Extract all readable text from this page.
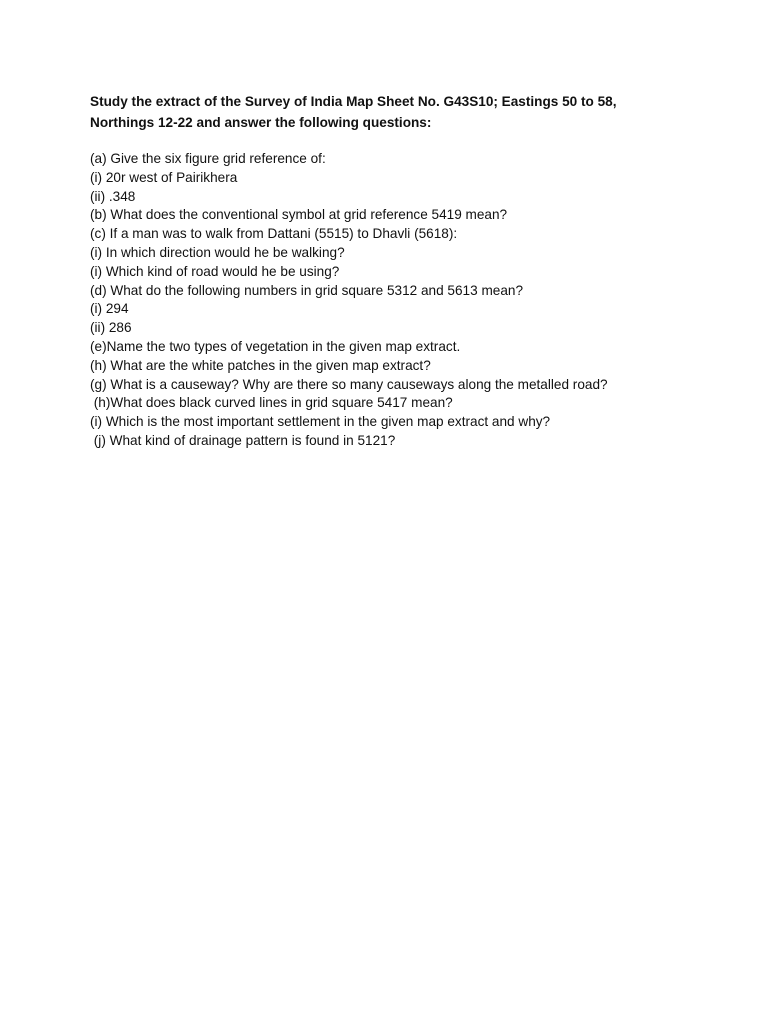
Study the extract of the Survey of India Map Sheet No. G43S10; Eastings 50 to 58,
Northings 12-22 and answer the following questions:
(a) Give the six figure grid reference of:
(i) 20r west of Pairikhera
(ii) .348
(b) What does the conventional symbol at grid reference 5419 mean?
(c) If a man was to walk from Dattani (5515) to Dhavli (5618):
(i) In which direction would he be walking?
(i) Which kind of road would he be using?
(d) What do the following numbers in grid square 5312 and 5613 mean?
(i) 294
(ii) 286
(e)Name the two types of vegetation in the given map extract.
(h) What are the white patches in the given map extract?
(g) What is a causeway? Why are there so many causeways along the metalled road?
(h)What does black curved lines in grid square 5417 mean?
(i) Which is the most important settlement in the given map extract and why?
(j) What kind of drainage pattern is found in 5121?
